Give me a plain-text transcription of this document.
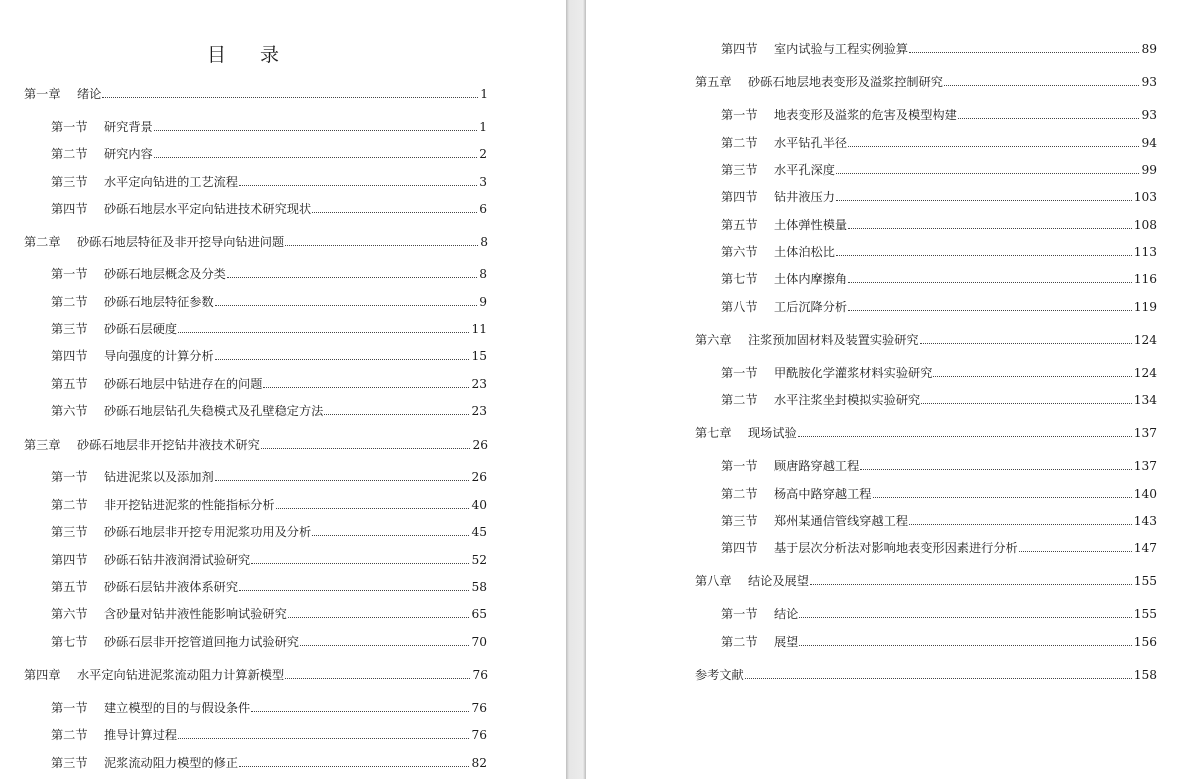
目 录
第一章	绪论	1
第一节	研究背景	1
第二节	研究内容	2
第三节	水平定向钻进的工艺流程	3
第四节	砂砾石地层水平定向钻进技术研究现状	6
第二章	砂砾石地层特征及非开挖导向钻进问题	8
第一节	砂砾石地层概念及分类	8
第二节	砂砾石地层特征参数	9
第三节	砂砾石层硬度	11
第四节	导向强度的计算分析	15
第五节	砂砾石地层中钻进存在的问题	23
第六节	砂砾石地层钻孔失稳模式及孔壁稳定方法	23
第三章	砂砾石地层非开挖钻井液技术研究	26
第一节	钻进泥浆以及添加剂	26
第二节	非开挖钻进泥浆的性能指标分析	40
第三节	砂砾石地层非开挖专用泥浆功用及分析	45
第四节	砂砾石钻井液润滑试验研究	52
第五节	砂砾石层钻井液体系研究	58
第六节	含砂量对钻井液性能影响试验研究	65
第七节	砂砾石层非开挖管道回拖力试验研究	70
第四章	水平定向钻进泥浆流动阻力计算新模型	76
第一节	建立模型的目的与假设条件	76
第二节	推导计算过程	76
第三节	泥浆流动阻力模型的修正	82
第四节	室内试验与工程实例验算	89
第五章	砂砾石地层地表变形及溢浆控制研究	93
第一节	地表变形及溢浆的危害及模型构建	93
第二节	水平钻孔半径	94
第三节	水平孔深度	99
第四节	钻井液压力	103
第五节	土体弹性模量	108
第六节	土体泊松比	113
第七节	土体内摩擦角	116
第八节	工后沉降分析	119
第六章	注浆预加固材料及装置实验研究	124
第一节	甲酰胺化学灌浆材料实验研究	124
第二节	水平注浆坐封模拟实验研究	134
第七章	现场试验	137
第一节	顾唐路穿越工程	137
第二节	杨高中路穿越工程	140
第三节	郑州某通信管线穿越工程	143
第四节	基于层次分析法对影响地表变形因素进行分析	147
第八章	结论及展望	155
第一节	结论	155
第二节	展望	156
参考文献	158
